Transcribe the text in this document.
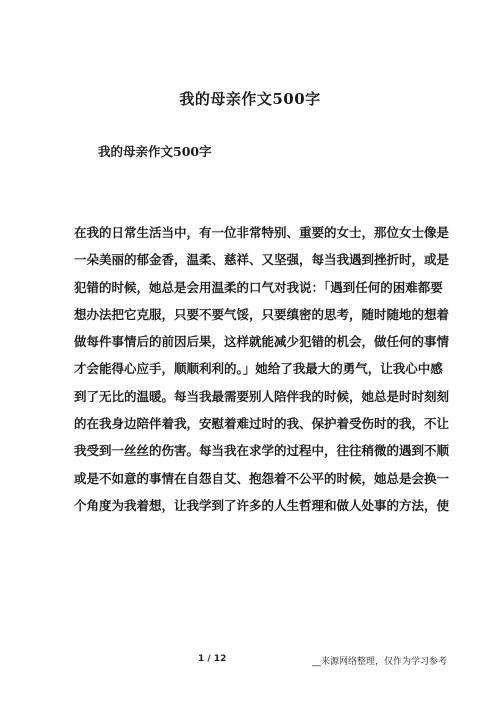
我的母亲作文500字
我的母亲作文500字
在我的日常生活当中，有一位非常特别、重要的女士，那位女士像是
一朵美丽的郁金香，温柔、慈祥、又坚强，每当我遇到挫折时，或是
犯错的时候，她总是会用温柔的口气对我说：「遇到任何的困难都要
想办法把它克服，只要不要气馁，只要缜密的思考，随时随地的想着
做每件事情后的前因后果，这样就能减少犯错的机会，做任何的事情
才会能得心应手，顺顺利利的。」她给了我最大的勇气，让我心中感
到了无比的温暖。每当我最需要别人陪伴我的时候，她总是时时刻刻
的在我身边陪伴着我，安慰着难过时的我、保护着受伤时的我，不让
我受到一丝丝的伤害。每当我在求学的过程中，往往稍微的遇到不顺
或是不如意的事情在自怨自艾、抱怨着不公平的时候，她总是会换一
个角度为我着想，让我学到了许多的人生哲理和做人处事的方法，使
1 / 12	__来源网络整理，仅作为学习参考
